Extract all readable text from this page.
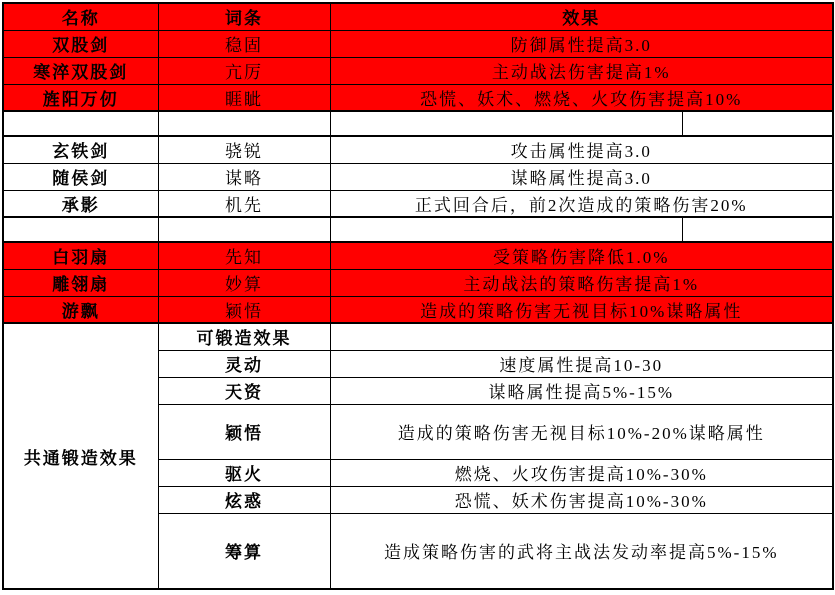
名称	词条	效果	
双股剑	稳固	防御属性提高3.0	
寒淬双股剑	亢厉	主动战法伤害提高1%	
旌阳万仞	睚眦	恐慌、妖术、燃烧、火攻伤害提高10%	

玄铁剑	骁锐	攻击属性提高3.0	
随侯剑	谋略	谋略属性提高3.0	
承影	机先	正式回合后，前2次造成的策略伤害20%	

白羽扇	先知	受策略伤害降低1.0%	
雕翎扇	妙算	主动战法的策略伤害提高1%	
游飘	颖悟	造成的策略伤害无视目标10%谋略属性	
共通锻造效果	可锻造效果		
	灵动	速度属性提高10-30	
	天资	谋略属性提高5%-15%	
	颖悟	造成的策略伤害无视目标10%-20%谋略属性	
	驱火	燃烧、火攻伤害提高10%-30%	
	炫惑	恐慌、妖术伤害提高10%-30%	
	筹算	造成策略伤害的武将主战法发动率提高5%-15%	
